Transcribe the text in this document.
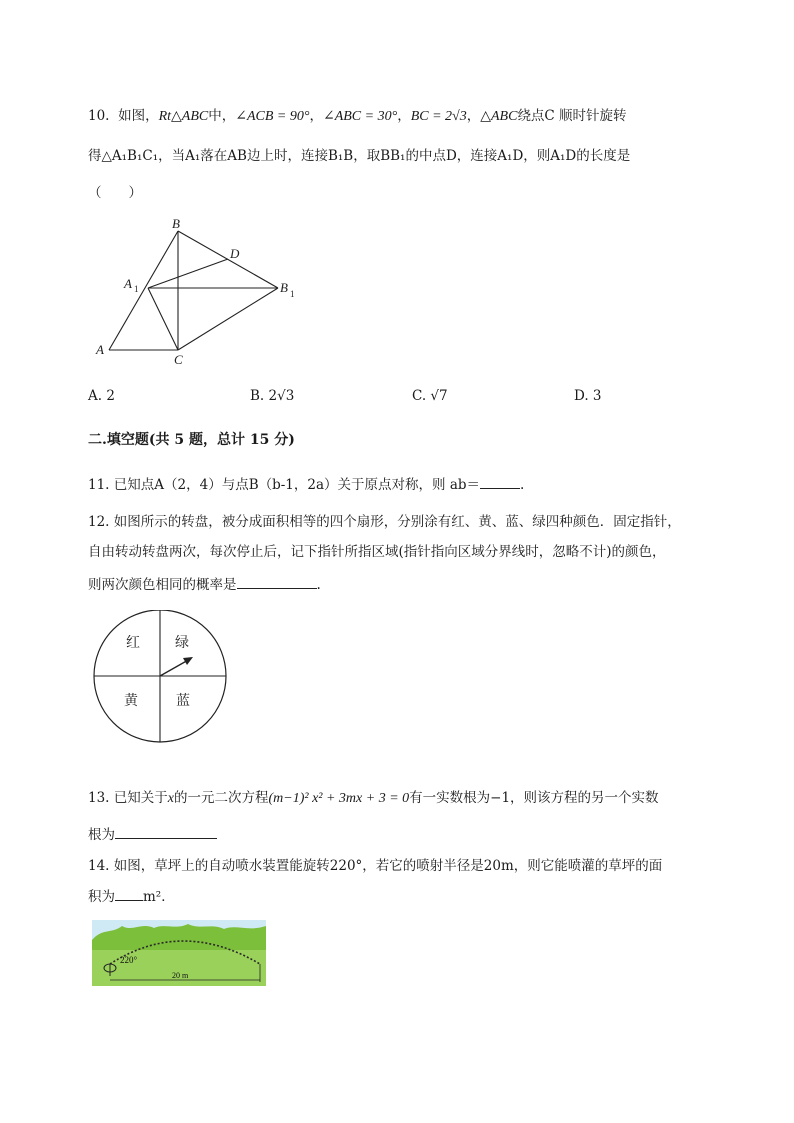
10. 如图，Rt△ABC中，∠ACB = 90°，∠ABC = 30°，BC = 2√3，△ABC绕点C 顺时针旋转
得△A₁B₁C₁，当A₁落在AB边上时，连接B₁B，取BB₁的中点D，连接A₁D，则A₁D的长度是
（　　）
B
D
A 1	B 1
A
C
A. 2	B. 2√3	C. √7	D. 3
二.填空题(共 5 题，总计 15 分)
11. 已知点A（2，4）与点B（b-1，2a）关于原点对称，则 ab＝	.
12. 如图所示的转盘，被分成面积相等的四个扇形，分别涂有红、黄、蓝、绿四种颜色．固定指针，
自由转动转盘两次，每次停止后，记下指针所指区域(指针指向区域分界线时，忽略不计)的颜色，
则两次颜色相同的概率是	.
红	绿
黄	蓝
13. 已知关于x的一元二次方程(m−1)² x² + 3mx + 3 = 0有一实数根为−1，则该方程的另一个实数
根为
14. 如图，草坪上的自动喷水装置能旋转220°，若它的喷射半径是20m，则它能喷灌的草坪的面
积为 m²．
220°
20 m
